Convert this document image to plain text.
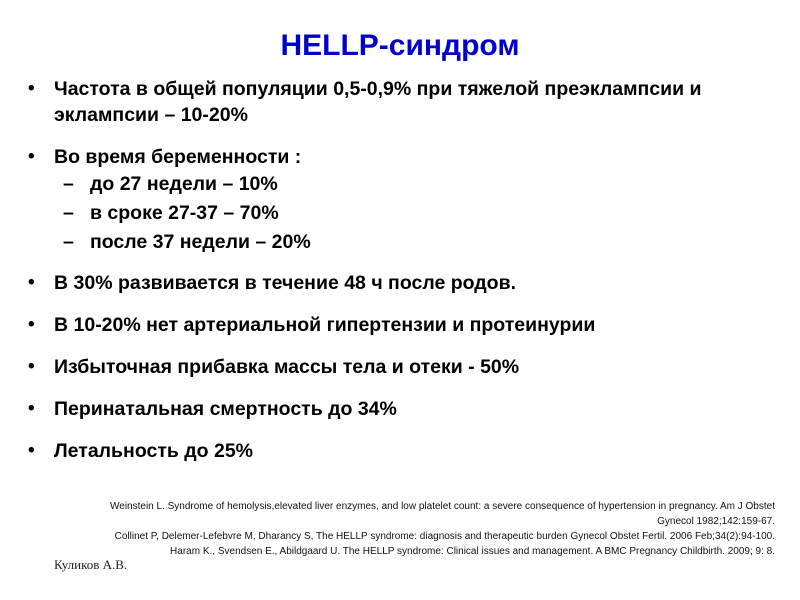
HELLP-синдром
• Частота в общей популяции 0,5-0,9% при тяжелой преэклампсии и эклампсии – 10-20%
• Во время беременности :
– до 27 недели – 10%
– в сроке 27-37 – 70%
– после 37 недели – 20%
• В 30% развивается в течение 48 ч после родов.
• В 10-20% нет артериальной гипертензии и протеинурии
• Избыточная прибавка массы тела и отеки - 50%
• Перинатальная смертность до 34%
• Летальность до 25%
Weinstein L. Syndrome of hemolysis,elevated liver enzymes, and low platelet count: a severe consequence of hypertension in pregnancy. Am J Obstet Gynecol 1982;142:159-67.
Collinet P, Delemer-Lefebvre M, Dharancy S, The HELLP syndrome: diagnosis and therapeutic burden Gynecol Obstet Fertil. 2006 Feb;34(2):94-100.
Haram K., Svendsen E., Abildgaard U. The HELLP syndrome: Clinical issues and management. A BMC Pregnancy Childbirth. 2009; 9: 8.
Куликов А.В.
